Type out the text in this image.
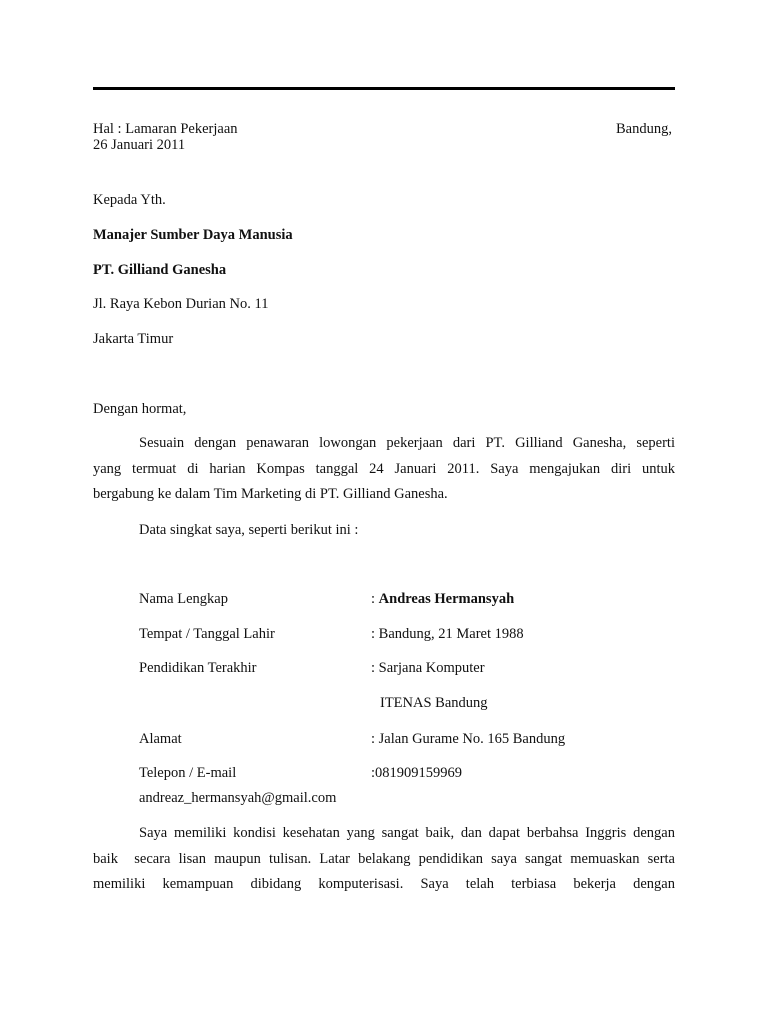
Hal : Lamaran Pekerjaan	Bandung,
26 Januari 2011
Kepada Yth.
Manajer Sumber Daya Manusia
PT. Gilliand Ganesha
Jl. Raya Kebon Durian No. 11
Jakarta Timur
Dengan hormat,
Sesuain dengan penawaran lowongan pekerjaan dari PT. Gilliand Ganesha, seperti
yang termuat di harian Kompas tanggal 24 Januari 2011. Saya mengajukan diri untuk
bergabung ke dalam Tim Marketing di PT. Gilliand Ganesha.
Data singkat saya, seperti berikut ini :
Nama Lengkap	: Andreas Hermansyah
Tempat / Tanggal Lahir	: Bandung, 21 Maret 1988
Pendidikan Terakhir	: Sarjana Komputer
ITENAS Bandung
Alamat	: Jalan Gurame No. 165 Bandung
Telepon / E-mail	:081909159969
andreaz_hermansyah@gmail.com
Saya memiliki kondisi kesehatan yang sangat baik, dan dapat berbahsa Inggris dengan
baik  secara lisan maupun tulisan. Latar belakang pendidikan saya sangat memuaskan serta
memiliki kemampuan dibidang komputerisasi. Saya telah terbiasa bekerja dengan
